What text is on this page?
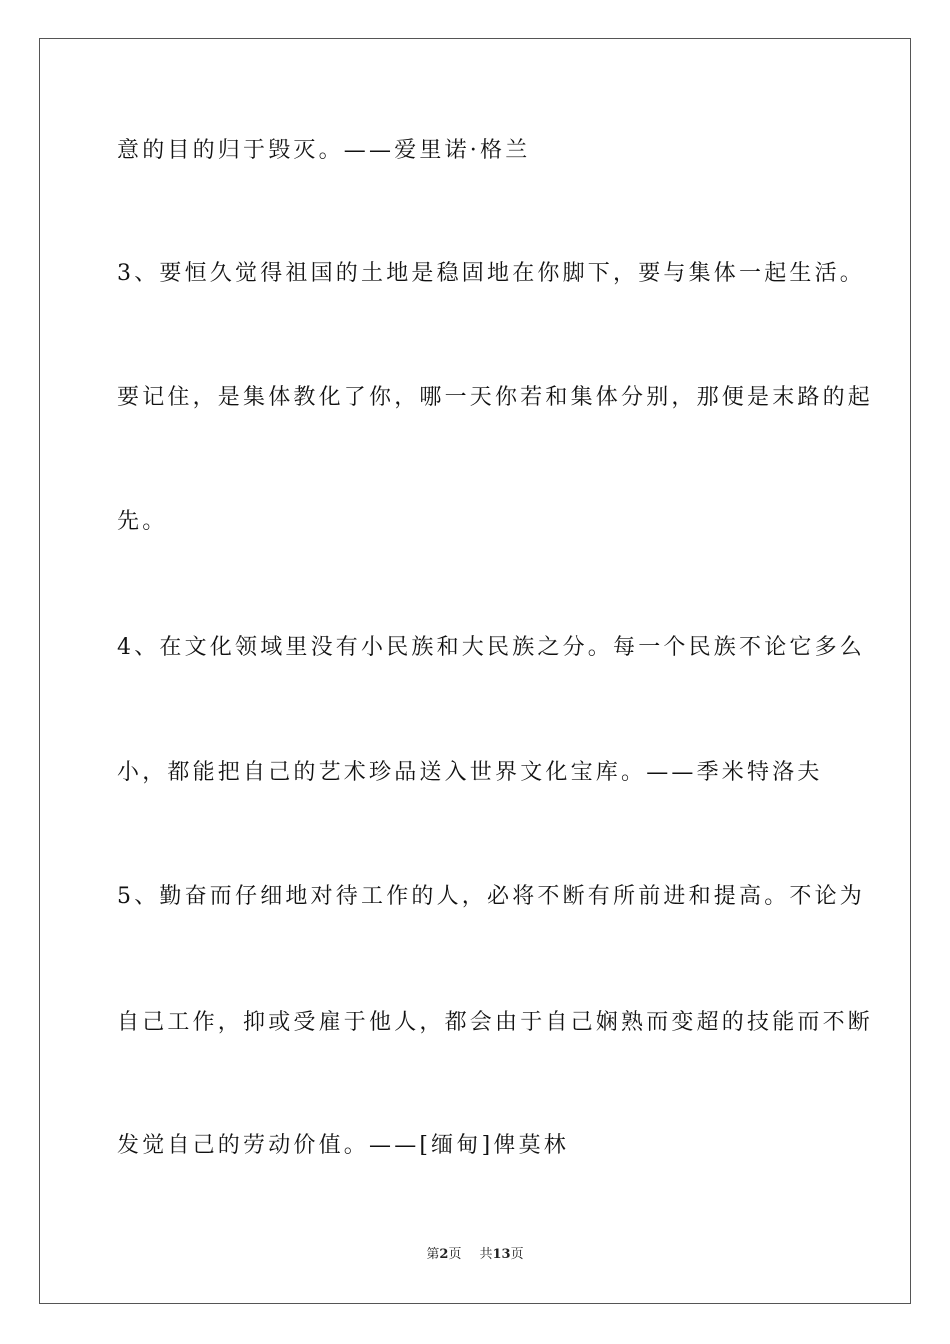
意的目的归于毁灭。——爱里诺·格兰
3、要恒久觉得祖国的土地是稳固地在你脚下，要与集体一起生活。
要记住，是集体教化了你，哪一天你若和集体分别，那便是末路的起
先。
4、在文化领域里没有小民族和大民族之分。每一个民族不论它多么
小，都能把自己的艺术珍品送入世界文化宝库。——季米特洛夫
5、勤奋而仔细地对待工作的人，必将不断有所前进和提高。不论为
自己工作，抑或受雇于他人，都会由于自己娴熟而变超的技能而不断
发觉自己的劳动价值。——[缅甸]俾莫林
第2页 共13页
